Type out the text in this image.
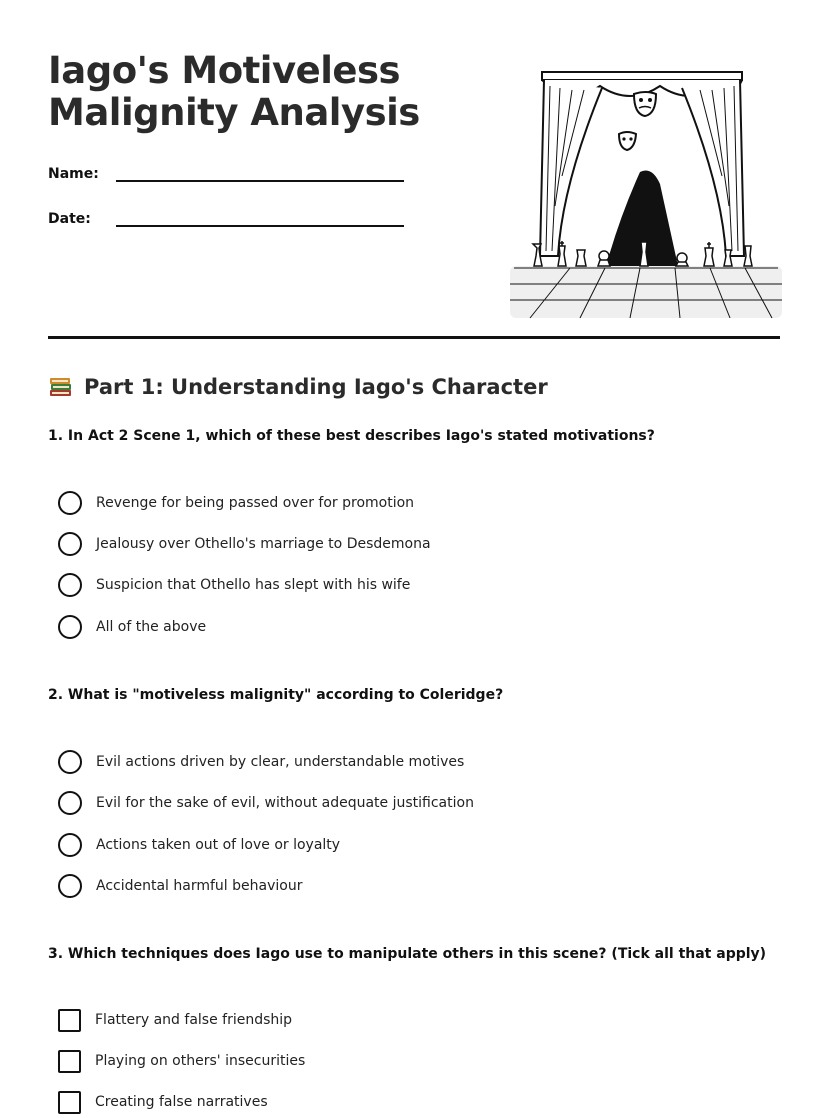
Iago's Motiveless Malignity Analysis
Name:
Date:
Part 1: Understanding Iago's Character

1. In Act 2 Scene 1, which of these best describes Iago's stated motivations?

Revenge for being passed over for promotion
Jealousy over Othello's marriage to Desdemona
Suspicion that Othello has slept with his wife
All of the above

2. What is "motiveless malignity" according to Coleridge?

Evil actions driven by clear, understandable motives
Evil for the sake of evil, without adequate justification
Actions taken out of love or loyalty
Accidental harmful behaviour

3. Which techniques does Iago use to manipulate others in this scene? (Tick all that apply)

Flattery and false friendship
Playing on others' insecurities
Creating false narratives
